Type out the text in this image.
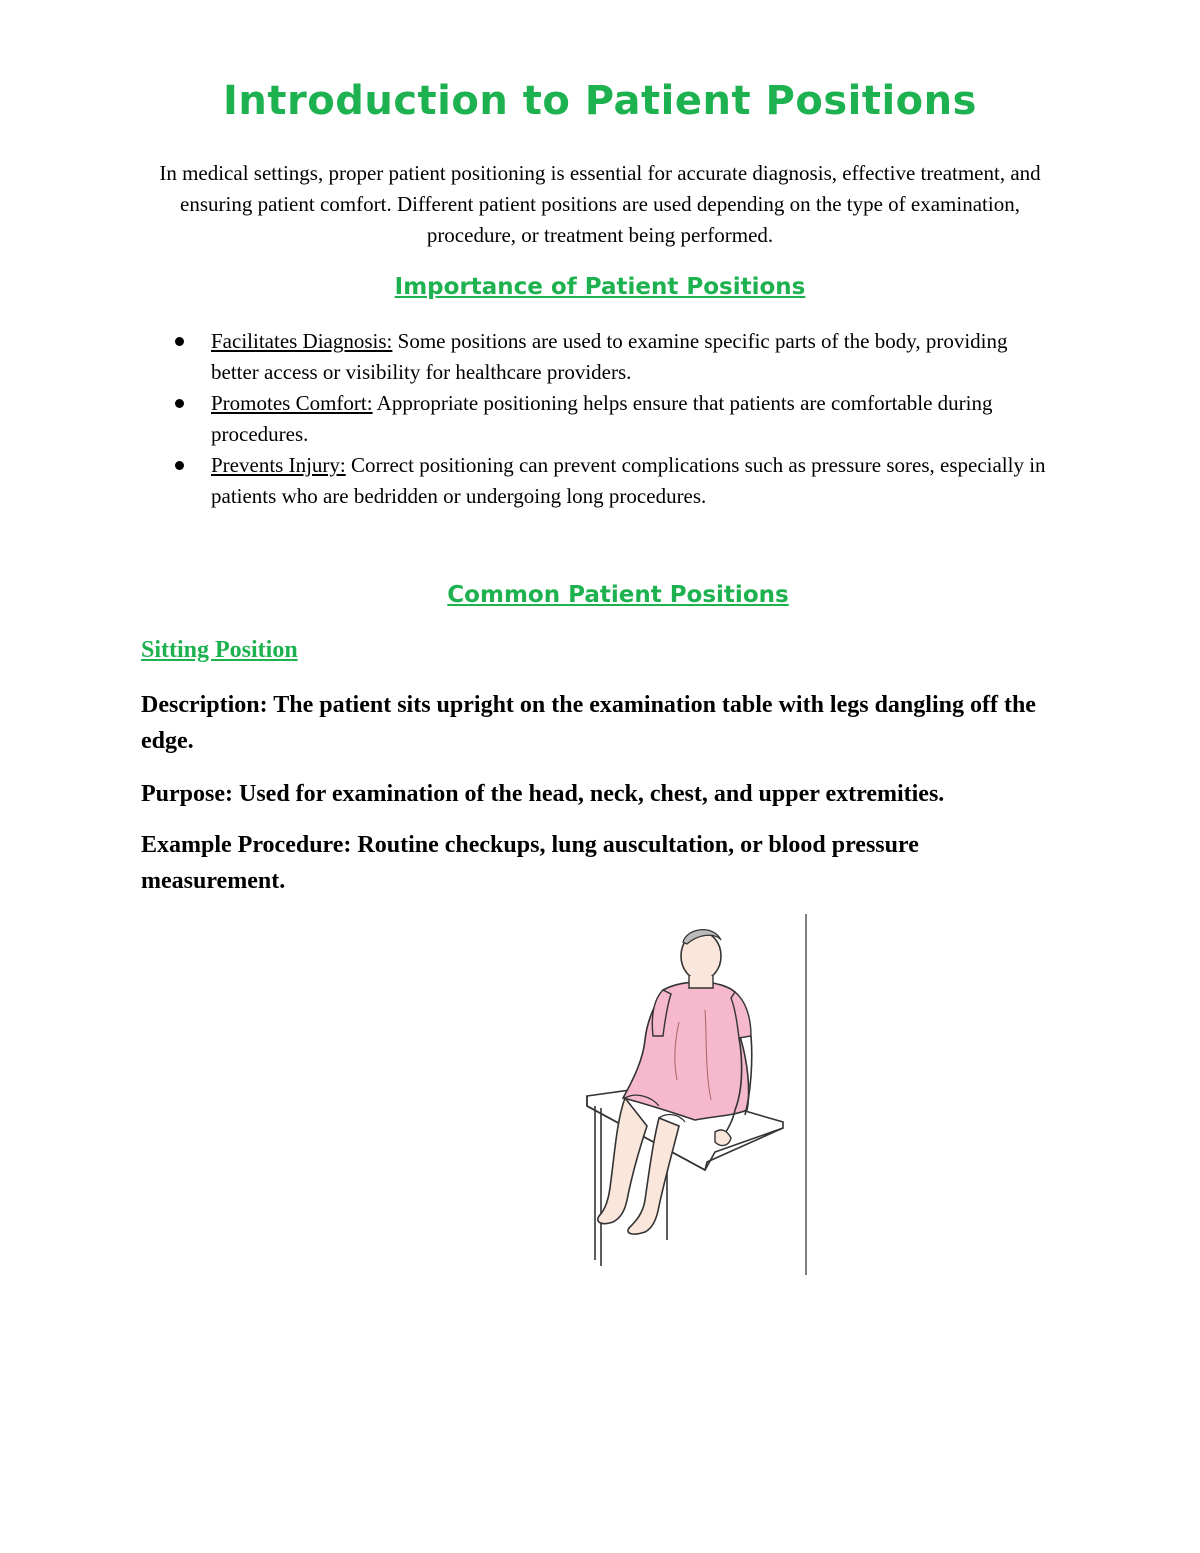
Introduction to Patient Positions

In medical settings, proper patient positioning is essential for accurate diagnosis, effective treatment, and ensuring patient comfort. Different patient positions are used depending on the type of examination, procedure, or treatment being performed.

Importance of Patient Positions
Facilitates Diagnosis: Some positions are used to examine specific parts of the body, providing better access or visibility for healthcare providers.
Promotes Comfort: Appropriate positioning helps ensure that patients are comfortable during procedures.
Prevents Injury: Correct positioning can prevent complications such as pressure sores, especially in patients who are bedridden or undergoing long procedures.
Common Patient Positions
Sitting Position

Description: The patient sits upright on the examination table with legs dangling off the edge.

Purpose: Used for examination of the head, neck, chest, and upper extremities.

Example Procedure: Routine checkups, lung auscultation, or blood pressure measurement.
